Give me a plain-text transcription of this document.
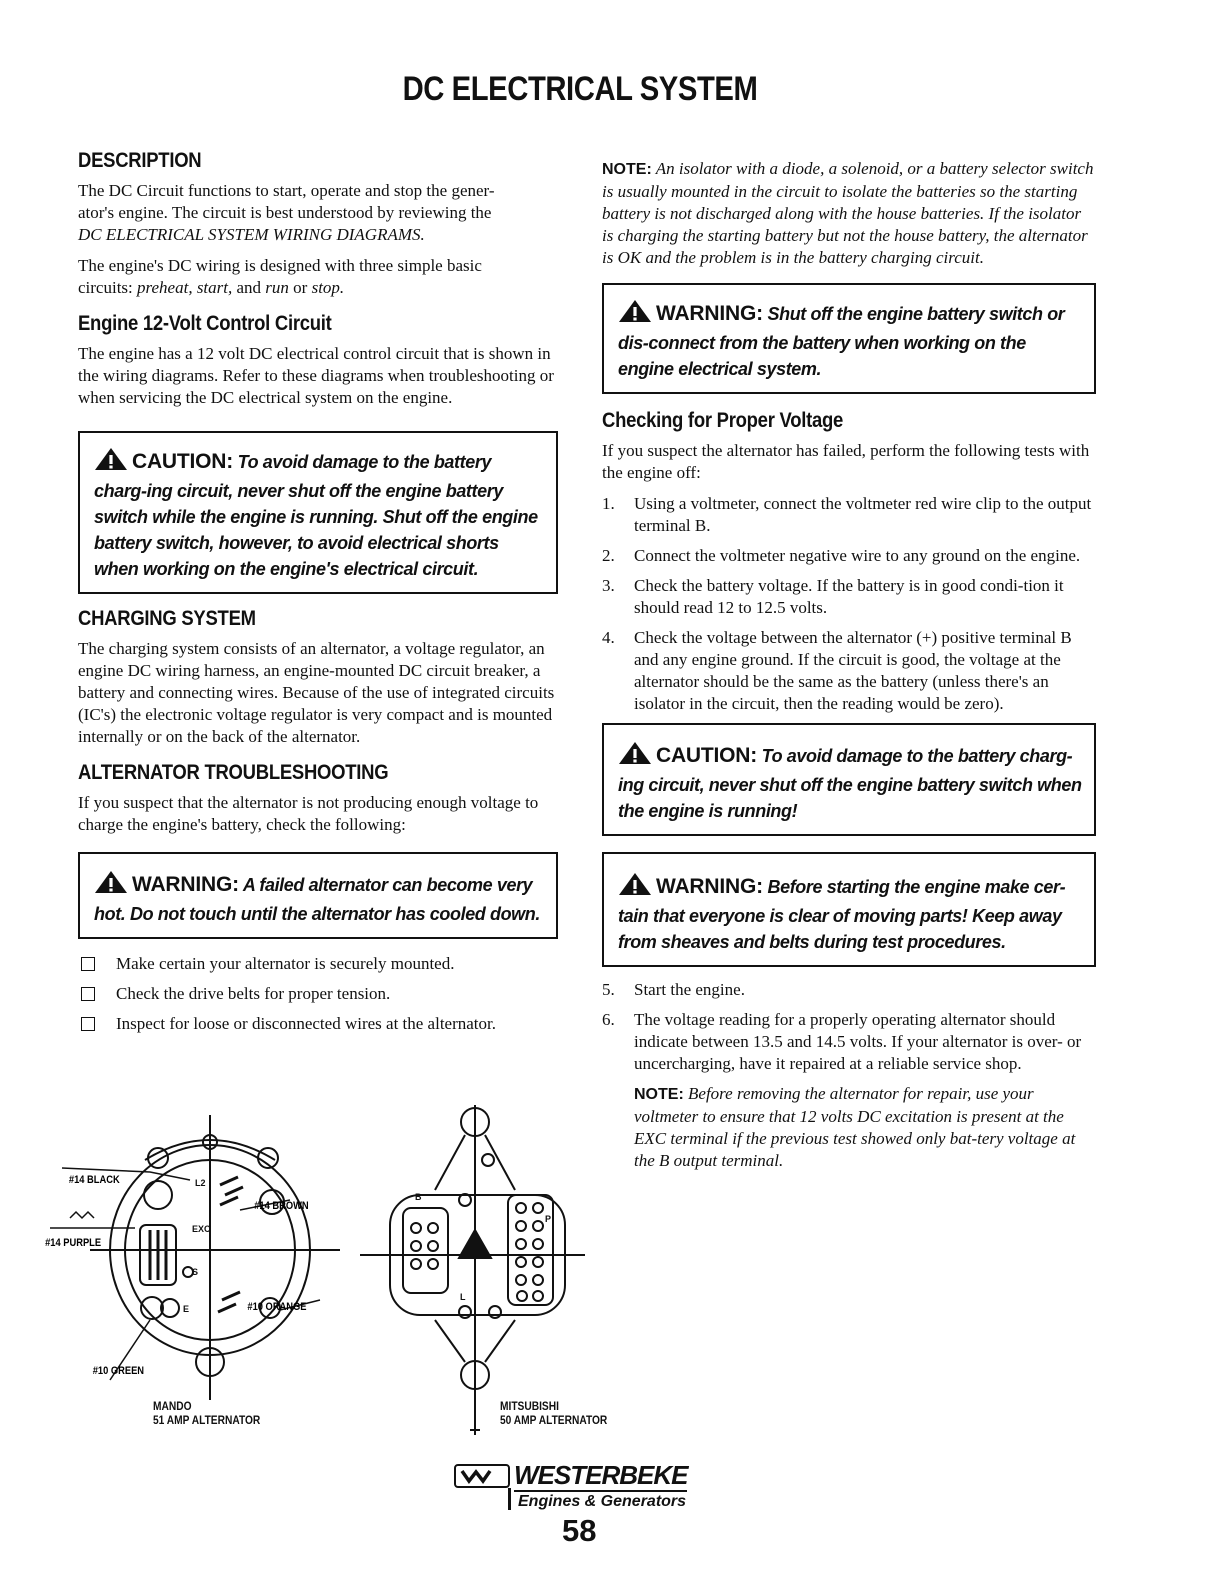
DC ELECTRICAL SYSTEM
DESCRIPTION

The DC Circuit functions to start, operate and stop the gener-
ator's engine. The circuit is best understood by reviewing the
DC ELECTRICAL SYSTEM WIRING DIAGRAMS.

The engine's DC wiring is designed with three simple basic
circuits: preheat, start, and run or stop.

Engine 12-Volt Control Circuit

The engine has a 12 volt DC electrical control circuit that is shown in the wiring diagrams. Refer to these diagrams when troubleshooting or when servicing the DC electrical system on the engine.

CAUTION: To avoid damage to the battery charg-ing circuit, never shut off the engine battery switch while the engine is running. Shut off the engine battery switch, however, to avoid electrical shorts when working on the engine's electrical circuit.
CHARGING SYSTEM

The charging system consists of an alternator, a voltage regulator, an engine DC wiring harness, an engine-mounted DC circuit breaker, a battery and connecting wires. Because of the use of integrated circuits (IC's) the electronic voltage regulator is very compact and is mounted internally or on the back of the alternator.

ALTERNATOR TROUBLESHOOTING

If you suspect that the alternator is not producing enough voltage to charge the engine's battery, check the following:

WARNING: A failed alternator can become very hot. Do not touch until the alternator has cooled down.
Make certain your alternator is securely mounted.
Check the drive belts for proper tension.
Inspect for loose or disconnected wires at the alternator.
#14 BLACK
#14 PURPLE
#14 BROWN
#10 ORANGE
#10 GREEN
L2
EXC
S
E
B
P
L
MANDO
51 AMP ALTERNATOR
MITSUBISHI
50 AMP ALTERNATOR

NOTE: An isolator with a diode, a solenoid, or a battery selector switch is usually mounted in the circuit to isolate the batteries so the starting battery is not discharged along with the house batteries. If the isolator is charging the starting battery but not the house battery, the alternator is OK and the problem is in the battery charging circuit.

WARNING: Shut off the engine battery switch or dis-connect from the battery when working on the engine electrical system.
Checking for Proper Voltage

If you suspect the alternator has failed, perform the following tests with the engine off:

1. Using a voltmeter, connect the voltmeter red wire clip to the output terminal B.
2. Connect the voltmeter negative wire to any ground on the engine.
3. Check the battery voltage. If the battery is in good condi-tion it should read 12 to 12.5 volts.
4. Check the voltage between the alternator (+) positive terminal B and any engine ground. If the circuit is good, the voltage at the alternator should be the same as the battery (unless there's an isolator in the circuit, then the reading would be zero).
CAUTION: To avoid damage to the battery charg-ing circuit, never shut off the engine battery switch when the engine is running!
WARNING: Before starting the engine make cer-tain that everyone is clear of moving parts! Keep away from sheaves and belts during test procedures.
5. Start the engine.
6. The voltage reading for a properly operating alternator should indicate between 13.5 and 14.5 volts. If your alternator is over- or uncercharging, have it repaired at a reliable service shop.

NOTE: Before removing the alternator for repair, use your voltmeter to ensure that 12 volts DC excitation is present at the EXC terminal if the previous test showed only bat-tery voltage at the B output terminal.

WESTERBEKE
Engines & Generators
58
